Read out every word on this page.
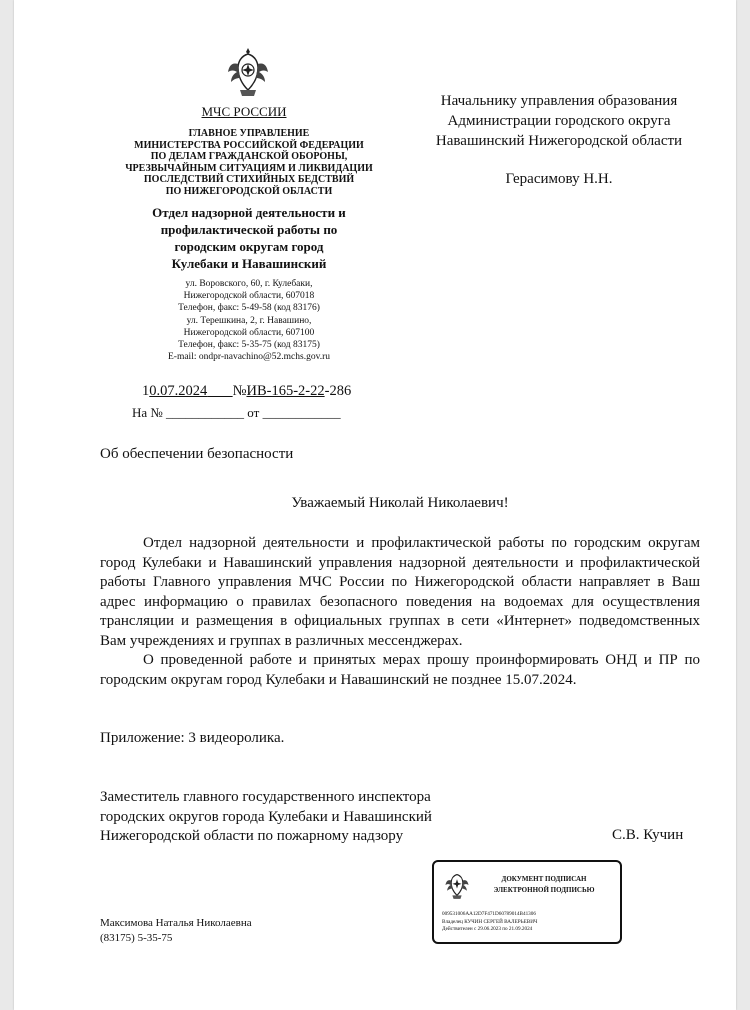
МЧС РОССИИ
ГЛАВНОЕ УПРАВЛЕНИЕ
МИНИСТЕРСТВА РОССИЙСКОЙ ФЕДЕРАЦИИ
ПО ДЕЛАМ ГРАЖДАНСКОЙ ОБОРОНЫ,
ЧРЕЗВЫЧАЙНЫМ СИТУАЦИЯМ И ЛИКВИДАЦИИ
ПОСЛЕДСТВИЙ СТИХИЙНЫХ БЕДСТВИЙ
ПО НИЖЕГОРОДСКОЙ ОБЛАСТИ
Отдел надзорной деятельности и
профилактической работы по
городским округам город
Кулебаки и Навашинский
ул. Воровского, 60, г. Кулебаки,
Нижегородской области, 607018
Телефон, факс: 5-49-58 (код 83176)
ул. Терешкина, 2, г. Навашино,
Нижегородской области, 607100
Телефон, факс: 5-35-75 (код 83175)
E-mail: ondpr-navachino@52.mchs.gov.ru
10.07.2024 №ИВ-165-2-22-286
На № ____________ от ____________
Начальнику управления образования
Администрации городского округа
Навашинский Нижегородской области
Герасимову Н.Н.
Об обеспечении безопасности
Уважаемый Николай Николаевич!

Отдел надзорной деятельности и профилактической работы по городским округам город Кулебаки и Навашинский управления надзорной деятельности и профилактической работы Главного управления МЧС России по Нижегородской области направляет в Ваш адрес информацию о правилах безопасного поведения на водоемах для осуществления трансляции и размещения в официальных группах в сети «Интернет» подведомственных Вам учреждениях и группах в различных мессенджерах.

О проведенной работе и принятых мерах прошу проинформировать ОНД и ПР по городским округам город Кулебаки и Навашинский не позднее 15.07.2024.

Приложение: 3 видеоролика.
Заместитель главного государственного инспектора
городских округов города Кулебаки и Навашинский
Нижегородской области по пожарному надзору	С.В. Кучин
ДОКУМЕНТ ПОДПИСАН
ЭЛЕКТРОННОЙ ПОДПИСЬЮ
009531006AA12D7F471D60789014B41306
Владелец КУЧИН СЕРГЕЙ ВАЛЕРЬЕВИЧ
Действителен с 29.06.2023 по 21.09.2024
Максимова Наталья Николаевна
(83175) 5-35-75
